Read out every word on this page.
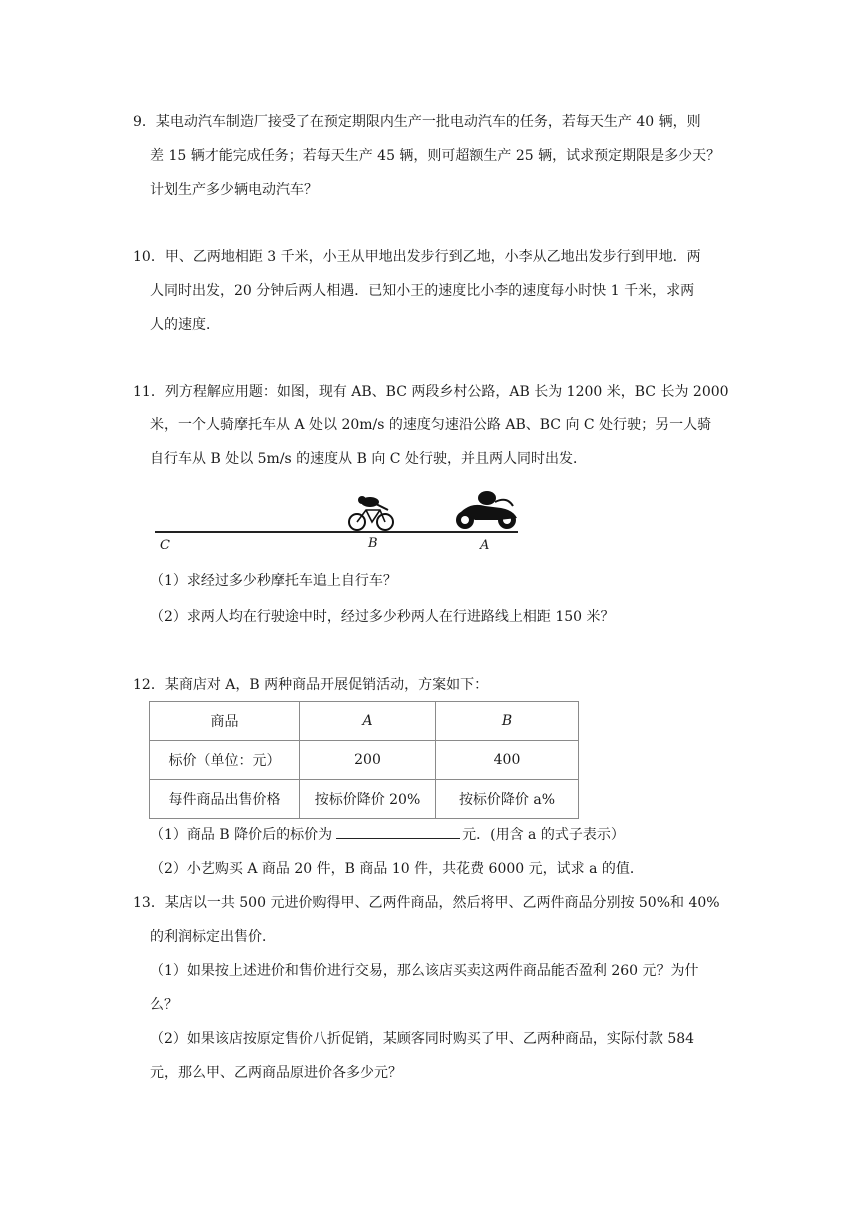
9．某电动汽车制造厂接受了在预定期限内生产一批电动汽车的任务，若每天生产 40 辆，则
差 15 辆才能完成任务；若每天生产 45 辆，则可超额生产 25 辆，试求预定期限是多少天？
计划生产多少辆电动汽车？
10．甲、乙两地相距 3 千米，小王从甲地出发步行到乙地，小李从乙地出发步行到甲地．两
人同时出发，20 分钟后两人相遇．已知小王的速度比小李的速度每小时快 1 千米，求两
人的速度．
11．列方程解应用题：如图，现有 AB、BC 两段乡村公路，AB 长为 1200 米，BC 长为 2000
米，一个人骑摩托车从 A 处以 20m/s 的速度匀速沿公路 AB、BC 向 C 处行驶；另一人骑
自行车从 B 处以 5m/s 的速度从 B 向 C 处行驶，并且两人同时出发．
C	B	A
（1）求经过多少秒摩托车追上自行车？
（2）求两人均在行驶途中时，经过多少秒两人在行进路线上相距 150 米？
12．某商店对 A，B 两种商品开展促销活动，方案如下：
商品	A	B
标价（单位：元）	200	400
每件商品出售价格	按标价降价 20%	按标价降价 a%
（1）商品 B 降价后的标价为	元．(用含 a 的式子表示）
（2）小艺购买 A 商品 20 件，B 商品 10 件，共花费 6000 元，试求 a 的值．
13．某店以一共 500 元进价购得甲、乙两件商品，然后将甲、乙两件商品分别按 50%和 40%
的利润标定出售价．
（1）如果按上述进价和售价进行交易，那么该店买卖这两件商品能否盈利 260 元？为什
么？
（2）如果该店按原定售价八折促销，某顾客同时购买了甲、乙两种商品，实际付款 584
元，那么甲、乙两商品原进价各多少元？
